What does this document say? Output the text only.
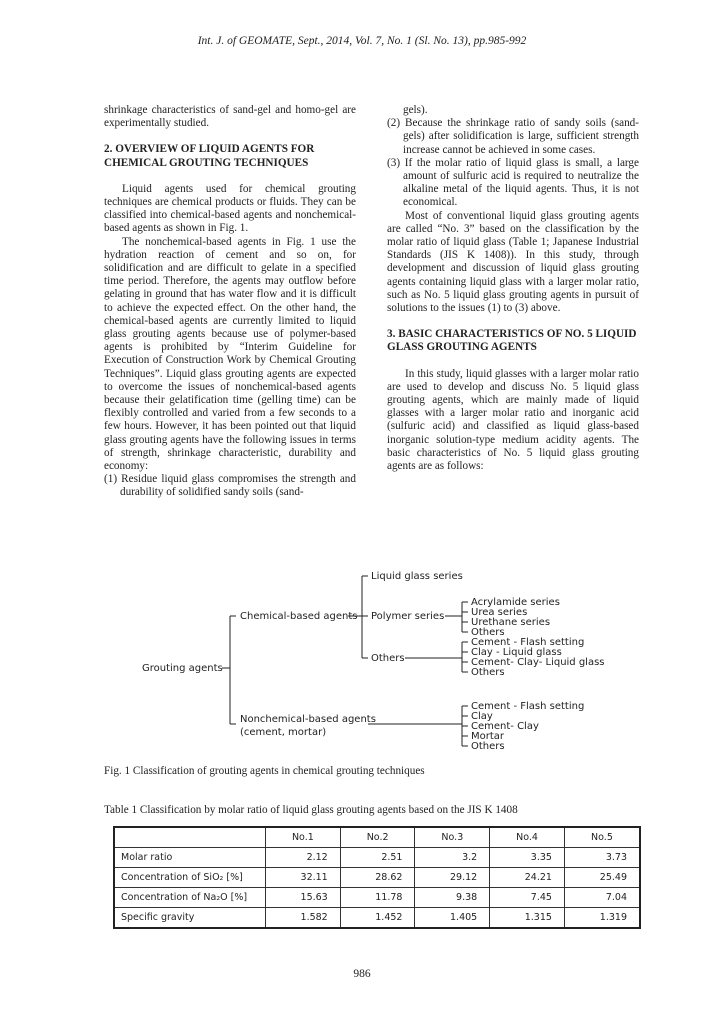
Int. J. of GEOMATE, Sept., 2014, Vol. 7, No. 1 (Sl. No. 13), pp.985-992

shrinkage characteristics of sand-gel and homo-gel are experimentally studied.

2. OVERVIEW OF LIQUID AGENTS FOR CHEMICAL GROUTING TECHNIQUES

Liquid agents used for chemical grouting techniques are chemical products or fluids. They can be classified into chemical-based agents and nonchemical-based agents as shown in Fig. 1.

The nonchemical-based agents in Fig. 1 use the hydration reaction of cement and so on, for solidification and are difficult to gelate in a specified time period. Therefore, the agents may outflow before gelating in ground that has water flow and it is difficult to achieve the expected effect. On the other hand, the chemical-based agents are currently limited to liquid glass grouting agents because use of polymer-based agents is prohibited by “Interim Guideline for Execution of Construction Work by Chemical Grouting Techniques”. Liquid glass grouting agents are expected to overcome the issues of nonchemical-based agents because their gelatification time (gelling time) can be flexibly controlled and varied from a few seconds to a few hours. However, it has been pointed out that liquid glass grouting agents have the following issues in terms of strength, shrinkage characteristic, durability and economy:

(1) Residue liquid glass compromises the strength and durability of solidified sandy soils (sand-

gels).

(2) Because the shrinkage ratio of sandy soils (sand-gels) after solidification is large, sufficient strength increase cannot be achieved in some cases.

(3) If the molar ratio of liquid glass is small, a large amount of sulfuric acid is required to neutralize the alkaline metal of the liquid agents. Thus, it is not economical.

Most of conventional liquid glass grouting agents are called “No. 3” based on the classification by the molar ratio of liquid glass (Table 1; Japanese Industrial Standards (JIS K 1408)). In this study, through development and discussion of liquid glass grouting agents containing liquid glass with a larger molar ratio, such as No. 5 liquid glass grouting agents in pursuit of solutions to the issues (1) to (3) above.

3. BASIC CHARACTERISTICS OF NO. 5 LIQUID GLASS GROUTING AGENTS

In this study, liquid glasses with a larger molar ratio are used to develop and discuss No. 5 liquid glass grouting agents, which are mainly made of liquid glasses with a larger molar ratio and inorganic acid (sulfuric acid) and classified as liquid glass-based inorganic solution-type medium acidity agents. The basic characteristics of No. 5 liquid glass grouting agents are as follows:

Grouting agents
Chemical-based agents
Nonchemical-based agents
(cement, mortar)
Liquid glass series
Polymer series
Others
Acrylamide series
Urea series
Urethane series
Others
Cement - Flash setting
Clay - Liquid glass
Cement- Clay- Liquid glass
Others
Cement - Flash setting
Clay
Cement- Clay
Mortar
Others
Fig. 1 Classification of grouting agents in chemical grouting techniques
Table 1 Classification by molar ratio of liquid glass grouting agents based on the JIS K 1408
	No.1	No.2	No.3	No.4	No.5
Molar ratio	2.12	2.51	3.2	3.35	3.73
Concentration of SiO₂ [%]	32.11	28.62	29.12	24.21	25.49
Concentration of Na₂O [%]	15.63	11.78	9.38	7.45	7.04
Specific gravity	1.582	1.452	1.405	1.315	1.319
986
